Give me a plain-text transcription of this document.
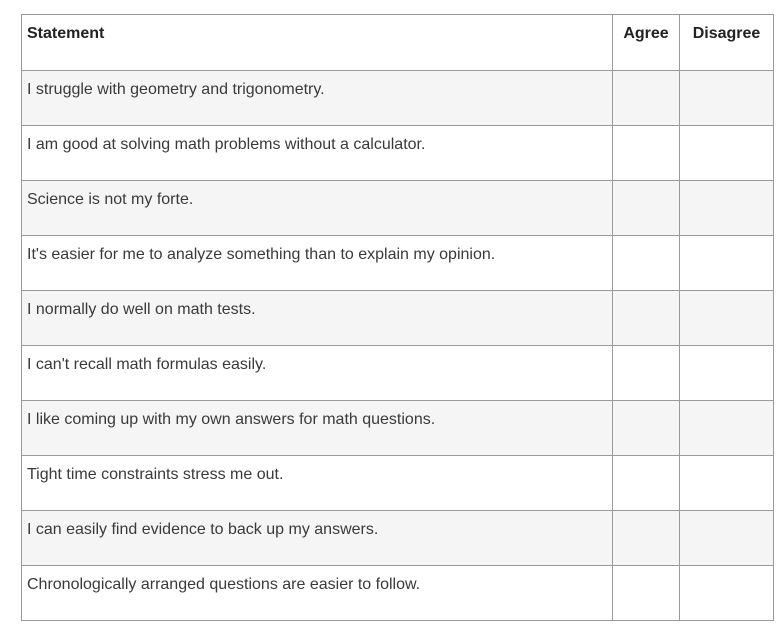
Statement	Agree	Disagree
I struggle with geometry and trigonometry.		
I am good at solving math problems without a calculator.		
Science is not my forte.		
It's easier for me to analyze something than to explain my opinion.		
I normally do well on math tests.		
I can't recall math formulas easily.		
I like coming up with my own answers for math questions.		
Tight time constraints stress me out.		
I can easily find evidence to back up my answers.		
Chronologically arranged questions are easier to follow.		
